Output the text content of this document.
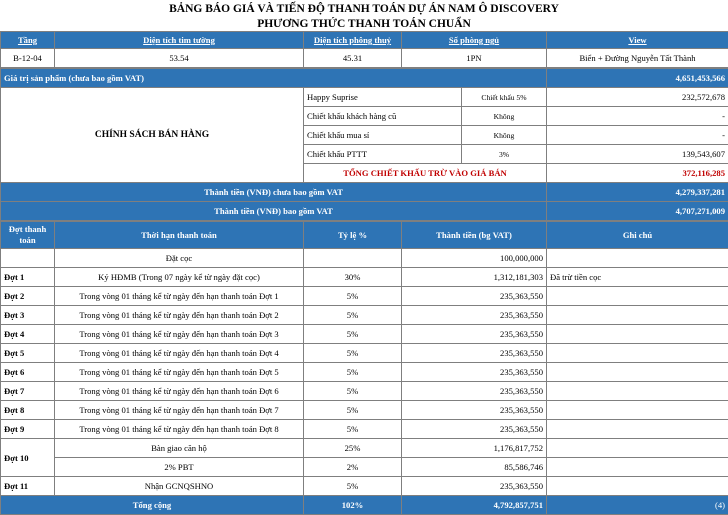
BẢNG BÁO GIÁ VÀ TIẾN ĐỘ THANH TOÁN DỰ ÁN NAM Ô DISCOVERY
PHƯƠNG THỨC THANH TOÁN CHUẨN
Tầng	Diện tích tim tường	Diện tích phông thuỷ	Số phòng ngủ	View
B-12-04	53.54	45.31	1PN	Biển + Đường Nguyễn Tất Thành
Giá trị sản phẩm (chưa bao gồm VAT)			4,651,453,566
CHÍNH SÁCH BÁN HÀNG	Happy Suprise	Chiết khấu 5%	232,572,678
	Chiết khấu khách hàng cũ	Không	-
	Chiết khấu mua sỉ	Không	-
	Chiết khấu PTTT	3%	139,543,607
	TỔNG CHIẾT KHẤU TRỪ VÀO GIÁ BÁN		372,116,285
Thành tiền (VNĐ) chưa bao gồm VAT			4,279,337,281
Thành tiền (VNĐ) bao gồm VAT			4,707,271,009
Đợt thanh toán	Thời hạn thanh toán	Tỷ lệ %	Thành tiền (bg VAT)	Ghi chú
	Đặt cọc		100,000,000	
Đợt 1	Ký HĐMB (Trong 07 ngày kể từ ngày đặt cọc)	30%	1,312,181,303	Đã trừ tiền cọc
Đợt 2	Trong vòng 01 tháng kể từ ngày đến hạn thanh toán Đợt 1	5%	235,363,550	
Đợt 3	Trong vòng 01 tháng kể từ ngày đến hạn thanh toán Đợt 2	5%	235,363,550	
Đợt 4	Trong vòng 01 tháng kể từ ngày đến hạn thanh toán Đợt 3	5%	235,363,550	
Đợt 5	Trong vòng 01 tháng kể từ ngày đến hạn thanh toán Đợt 4	5%	235,363,550	
Đợt 6	Trong vòng 01 tháng kể từ ngày đến hạn thanh toán Đợt 5	5%	235,363,550	
Đợt 7	Trong vòng 01 tháng kể từ ngày đến hạn thanh toán Đợt 6	5%	235,363,550	
Đợt 8	Trong vòng 01 tháng kể từ ngày đến hạn thanh toán Đợt 7	5%	235,363,550	
Đợt 9	Trong vòng 01 tháng kể từ ngày đến hạn thanh toán Đợt 8	5%	235,363,550	
Đợt 10	Bàn giao căn hộ	25%	1,176,817,752	
	2% PBT	2%	85,586,746	
Đợt 11	Nhận GCNQSHNO	5%	235,363,550	
Tổng cộng		102%	4,792,857,751	(4)
